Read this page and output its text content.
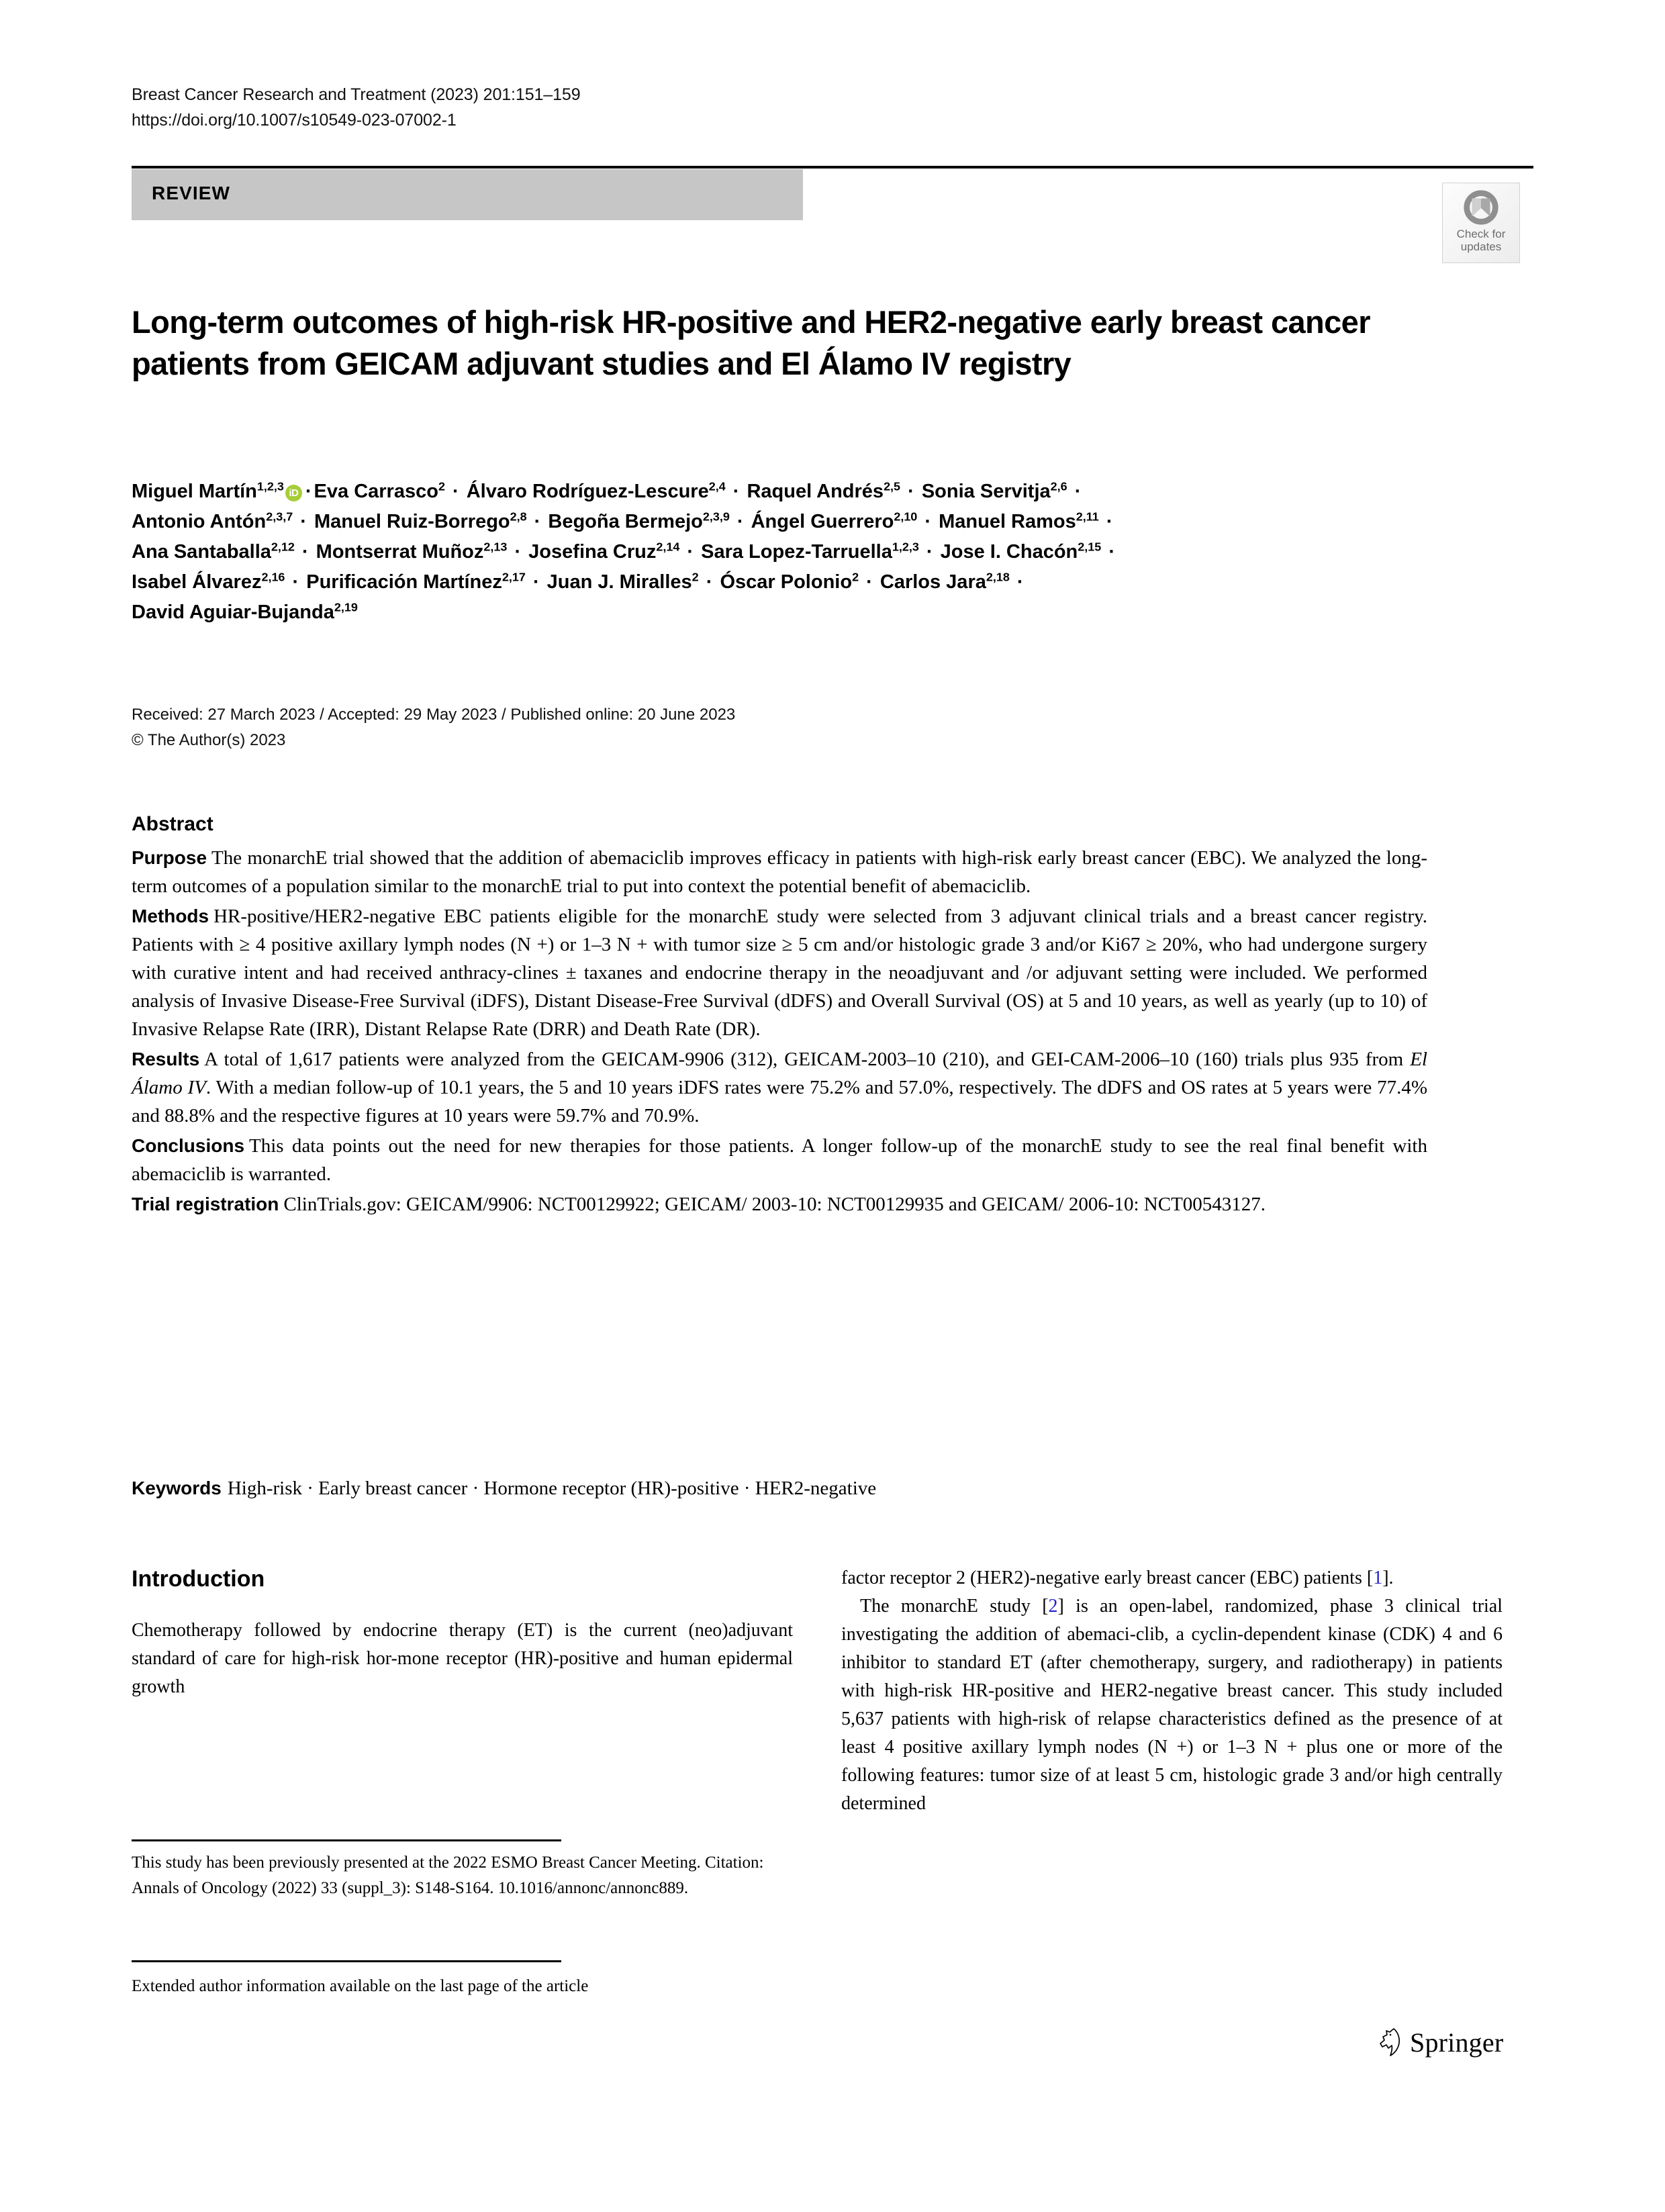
Breast Cancer Research and Treatment (2023) 201:151–159
https://doi.org/10.1007/s10549-023-07002-1
REVIEW
Check for
updates
Long-term outcomes of high-risk HR-positive and HER2-negative early breast cancer patients from GEICAM adjuvant studies and El Álamo IV registry
Miguel Martín$^{1,2,3}$iD · Eva Carrasco$^2$ · Álvaro Rodríguez-Lescure$^{2,4}$ · Raquel Andrés$^{2,5}$ · Sonia Servitja$^{2,6}$ ·
Antonio Antón$^{2,3,7}$ · Manuel Ruiz-Borrego$^{2,8}$ · Begoña Bermejo$^{2,3,9}$ · Ángel Guerrero$^{2,10}$ · Manuel Ramos$^{2,11}$ ·
Ana Santaballa$^{2,12}$ · Montserrat Muñoz$^{2,13}$ · Josefina Cruz$^{2,14}$ · Sara Lopez-Tarruella$^{1,2,3}$ · Jose I. Chacón$^{2,15}$ ·
Isabel Álvarez$^{2,16}$ · Purificación Martínez$^{2,17}$ · Juan J. Miralles$^2$ · Óscar Polonio$^2$ · Carlos Jara$^{2,18}$ ·
David Aguiar-Bujanda$^{2,19}$
Received: 27 March 2023 / Accepted: 29 May 2023 / Published online: 20 June 2023
© The Author(s) 2023
Abstract

Purpose The monarchE trial showed that the addition of abemaciclib improves efficacy in patients with high-risk early breast cancer (EBC). We analyzed the long-term outcomes of a population similar to the monarchE trial to put into context the potential benefit of abemaciclib.

Methods HR-positive/HER2-negative EBC patients eligible for the monarchE study were selected from 3 adjuvant clinical trials and a breast cancer registry. Patients with ≥ 4 positive axillary lymph nodes (N +) or 1–3 N + with tumor size ≥ 5 cm and/or histologic grade 3 and/or Ki67 ≥ 20%, who had undergone surgery with curative intent and had received anthracy-clines ± taxanes and endocrine therapy in the neoadjuvant and /or adjuvant setting were included. We performed analysis of Invasive Disease-Free Survival (iDFS), Distant Disease-Free Survival (dDFS) and Overall Survival (OS) at 5 and 10 years, as well as yearly (up to 10) of Invasive Relapse Rate (IRR), Distant Relapse Rate (DRR) and Death Rate (DR).

Results A total of 1,617 patients were analyzed from the GEICAM-9906 (312), GEICAM-2003–10 (210), and GEI-CAM-2006–10 (160) trials plus 935 from El Álamo IV. With a median follow-up of 10.1 years, the 5 and 10 years iDFS rates were 75.2% and 57.0%, respectively. The dDFS and OS rates at 5 years were 77.4% and 88.8% and the respective figures at 10 years were 59.7% and 70.9%.

Conclusions This data points out the need for new therapies for those patients. A longer follow-up of the monarchE study to see the real final benefit with abemaciclib is warranted.

Trial registration ClinTrials.gov: GEICAM/9906: NCT00129922; GEICAM/ 2003-10: NCT00129935 and GEICAM/ 2006-10: NCT00543127.

Keywords High-risk · Early breast cancer · Hormone receptor (HR)-positive · HER2-negative
Introduction

Chemotherapy followed by endocrine therapy (ET) is the current (neo)adjuvant standard of care for high-risk hor-mone receptor (HR)-positive and human epidermal growth

factor receptor 2 (HER2)-negative early breast cancer (EBC) patients [1].

The monarchE study [2] is an open-label, randomized, phase 3 clinical trial investigating the addition of abemaci-clib, a cyclin-dependent kinase (CDK) 4 and 6 inhibitor to standard ET (after chemotherapy, surgery, and radiotherapy) in patients with high-risk HR-positive and HER2-negative breast cancer. This study included 5,637 patients with high-risk of relapse characteristics defined as the presence of at least 4 positive axillary lymph nodes (N +) or 1–3 N + plus one or more of the following features: tumor size of at least 5 cm, histologic grade 3 and/or high centrally determined

This study has been previously presented at the 2022 ESMO Breast Cancer Meeting. Citation: Annals of Oncology (2022) 33 (suppl_3): S148-S164. 10.1016/annonc/annonc889.
Extended author information available on the last page of the article
Springer
